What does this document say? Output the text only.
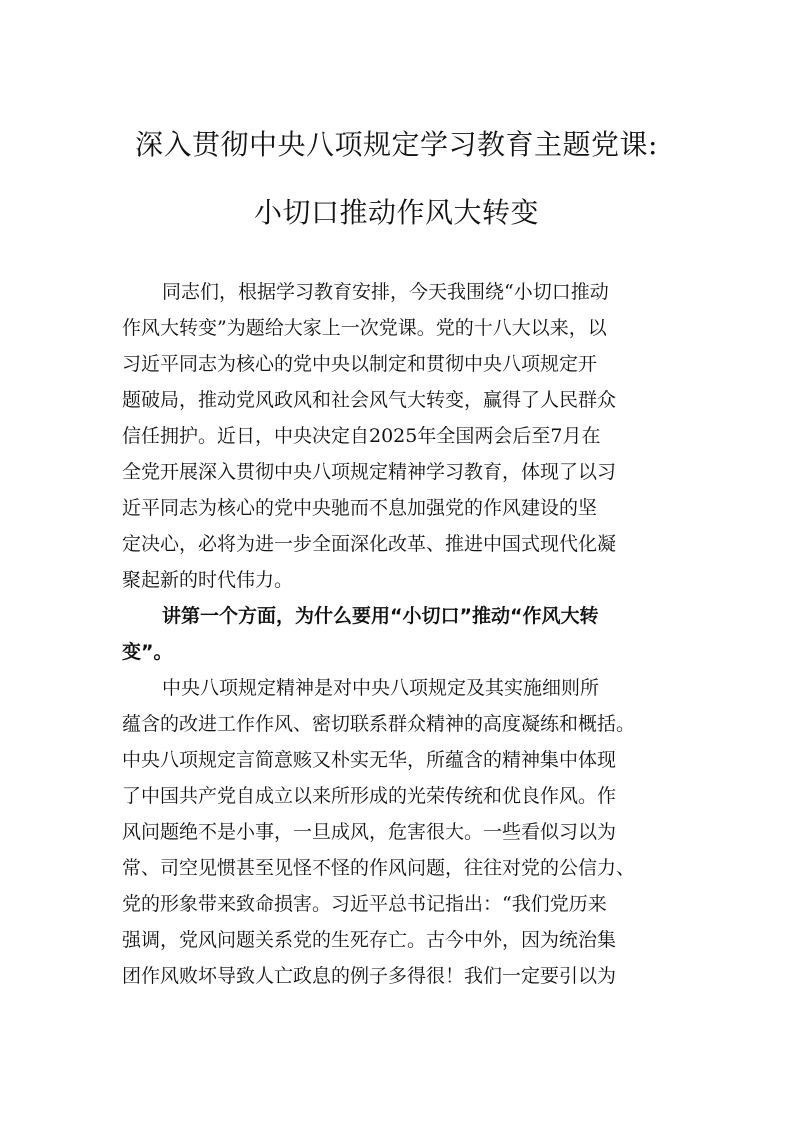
深入贯彻中央八项规定学习教育主题党课:
小切口推动作风大转变
同志们，根据学习教育安排，今天我围绕“小切口推动
作风大转变”为题给大家上一次党课。党的十八大以来，以
习近平同志为核心的党中央以制定和贯彻中央八项规定开
题破局，推动党风政风和社会风气大转变，赢得了人民群众
信任拥护。近日，中央决定自2025年全国两会后至7月在
全党开展深入贯彻中央八项规定精神学习教育，体现了以习
近平同志为核心的党中央驰而不息加强党的作风建设的坚
定决心，必将为进一步全面深化改革、推进中国式现代化凝
聚起新的时代伟力。
讲第一个方面，为什么要用“小切口”推动“作风大转
变”。
中央八项规定精神是对中央八项规定及其实施细则所
蕴含的改进工作作风、密切联系群众精神的高度凝练和概括。
中央八项规定言简意赅又朴实无华，所蕴含的精神集中体现
了中国共产党自成立以来所形成的光荣传统和优良作风。作
风问题绝不是小事，一旦成风，危害很大。一些看似习以为
常、司空见惯甚至见怪不怪的作风问题，往往对党的公信力、
党的形象带来致命损害。习近平总书记指出：“我们党历来
强调，党风问题关系党的生死存亡。古今中外，因为统治集
团作风败坏导致人亡政息的例子多得很！我们一定要引以为
